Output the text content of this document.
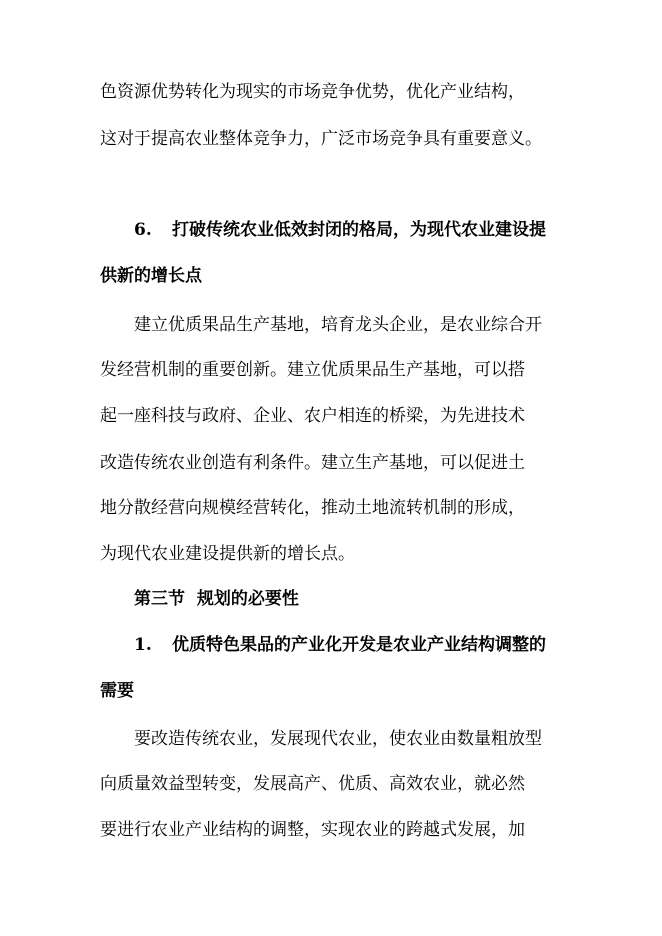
色资源优势转化为现实的市场竞争优势，优化产业结构，
这对于提高农业整体竞争力，广泛市场竞争具有重要意义。
6. 打破传统农业低效封闭的格局，为现代农业建设提
供新的增长点
建立优质果品生产基地，培育龙头企业，是农业综合开
发经营机制的重要创新。建立优质果品生产基地，可以搭
起一座科技与政府、企业、农户相连的桥梁，为先进技术
改造传统农业创造有利条件。建立生产基地，可以促进土
地分散经营向规模经营转化，推动土地流转机制的形成，
为现代农业建设提供新的增长点。
第三节  规划的必要性
1. 优质特色果品的产业化开发是农业产业结构调整的
需要
要改造传统农业，发展现代农业，使农业由数量粗放型
向质量效益型转变，发展高产、优质、高效农业，就必然
要进行农业产业结构的调整，实现农业的跨越式发展，加
